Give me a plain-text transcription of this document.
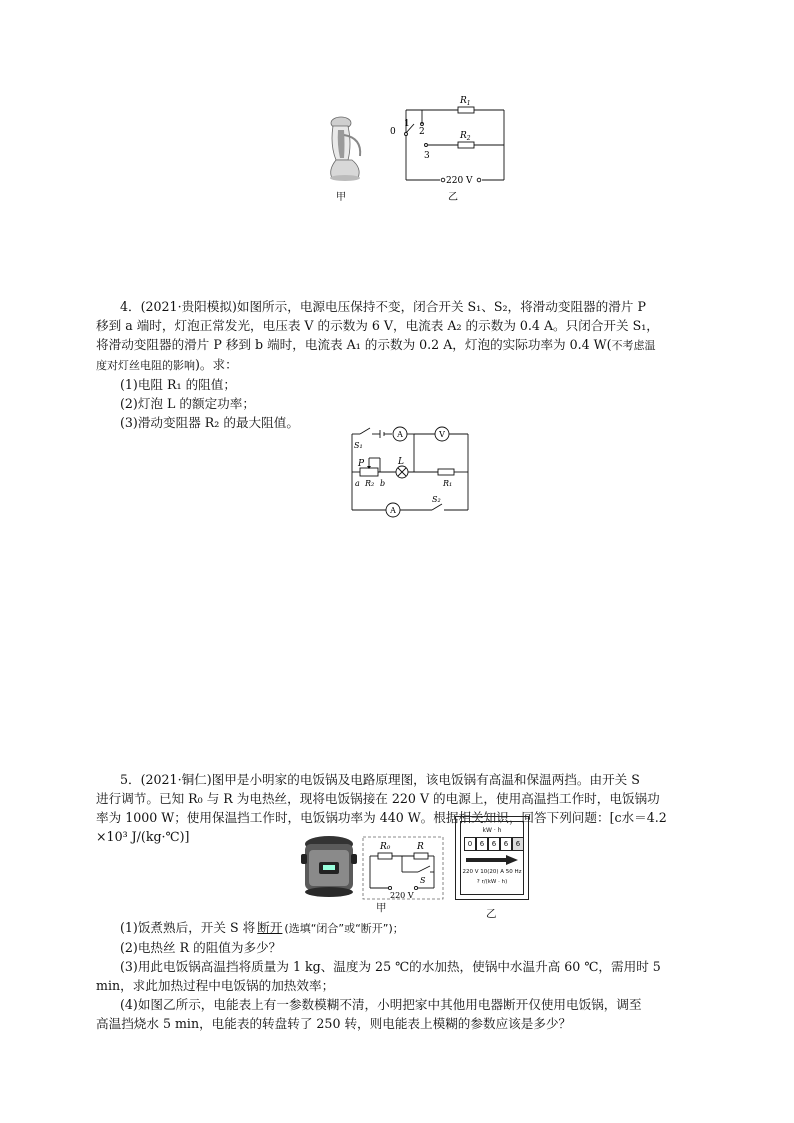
甲
$R_1$
$R_2$
0
1
2
3
220 V
乙
4．(2021·贵阳模拟)如图所示，电源电压保持不变，闭合开关 S₁、S₂，将滑动变阻器的滑片 P
移到 a 端时，灯泡正常发光，电压表 V 的示数为 6 V，电流表 A₂ 的示数为 0.4 A。只闭合开关 S₁，
将滑动变阻器的滑片 P 移到 b 端时，电流表 A₁ 的示数为 0.2 A，灯泡的实际功率为 0.4 W(不考虑温
度对灯丝电阻的影响)。求：
(1)电阻 R₁ 的阻值；
(2)灯泡 L 的额定功率；
(3)滑动变阻器 R₂ 的最大阻值。
A	V
A
S₁
P	L
a R₂ b	R₁
S₂
5．(2021·铜仁)图甲是小明家的电饭锅及电路原理图，该电饭锅有高温和保温两挡。由开关 S
进行调节。已知 R₀ 与 R 为电热丝，现将电饭锅接在 220 V 的电源上，使用高温挡工作时，电饭锅功
率为 1000 W；使用保温挡工作时，电饭锅功率为 440 W。根据相关知识，回答下列问题：[c水＝4.2
×10³ J/(kg·℃)]
甲
R₀	R
S
220 V
kW · h
0	6	6	6	6
220 V 10(20) A 50 Hz
? r/(kW · h)
乙
(1)饭煮熟后，开关 S 将 断开 (选填“闭合”或“断开”)；
(2)电热丝 R 的阻值为多少？
(3)用此电饭锅高温挡将质量为 1 kg、温度为 25 ℃的水加热，使锅中水温升高 60 ℃，需用时 5
min，求此加热过程中电饭锅的加热效率；
(4)如图乙所示，电能表上有一参数模糊不清，小明把家中其他用电器断开仅使用电饭锅，调至
高温挡烧水 5 min，电能表的转盘转了 250 转，则电能表上模糊的参数应该是多少？
